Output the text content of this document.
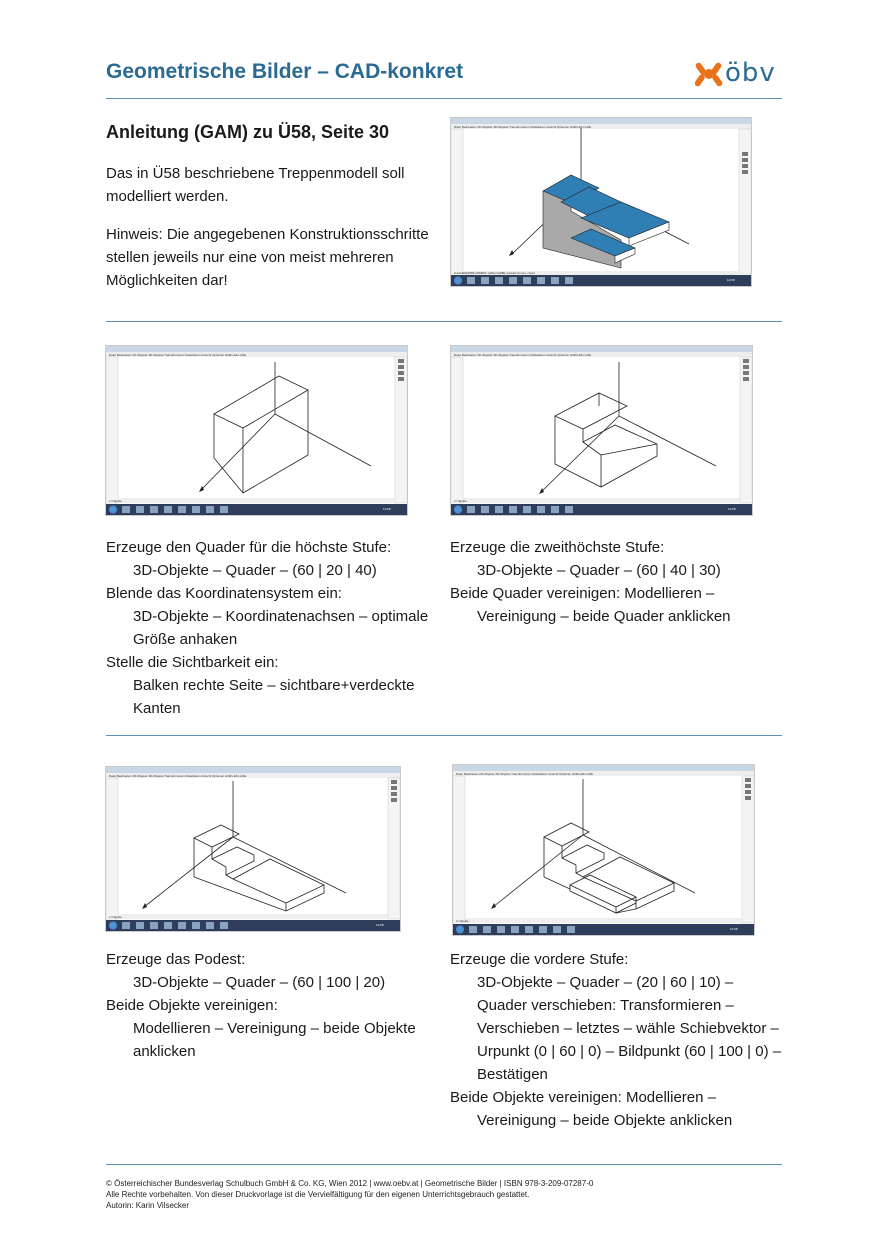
Geometrische Bilder – CAD-konkret	öbv
Anleitung (GAM) zu Ü58, Seite 30
Das in Ü58 beschriebene Treppenmodell soll modelliert werden.
Hinweis: Die angegebenen Konstruktionsschritte stellen jeweils nur eine von meist mehreren Möglichkeiten dar!
Datei Bearbeiten 2D-Objekte 3D-Objekte Transformieren Modellieren Ansicht Optionen HNRx-Ebn Hilfe
FLÄCHENFARBE ÄNDERN: wählen FARBE: Auswahl mit neu + Spezi
12:08
Datei Bearbeiten 2D-Objekte 3D-Objekte Transformieren Modellieren Ansicht Optionen HNRx-Ebn Hilfe
2 Objekte
12:08
Datei Bearbeiten 2D-Objekte 3D-Objekte Transformieren Modellieren Ansicht Optionen HNRx-Ebn Hilfe
2 Objekte
12:08
Erzeuge den Quader für die höchste Stufe:
3D-Objekte – Quader – (60 | 20 | 40)
Blende das Koordinatensystem ein:
3D-Objekte – Koordinatenachsen – optimale Größe anhaken
Stelle die Sichtbarkeit ein:
Balken rechte Seite – sichtbare+verdeckte Kanten
Erzeuge die zweithöchste Stufe:
3D-Objekte – Quader – (60 | 40 | 30)
Beide Quader vereinigen: Modellieren –
Vereinigung – beide Quader anklicken
Datei Bearbeiten 2D-Objekte 3D-Objekte Transformieren Modellieren Ansicht Optionen HNRx-Ebn Hilfe
2 Objekte
12:08
Datei Bearbeiten 2D-Objekte 3D-Objekte Transformieren Modellieren Ansicht Optionen HNRx-Ebn Hilfe
2 Objekte
12:08
Erzeuge das Podest:
3D-Objekte – Quader – (60 | 100 | 20)
Beide Objekte vereinigen:
Modellieren – Vereinigung – beide Objekte anklicken
Erzeuge die vordere Stufe:
3D-Objekte – Quader – (20 | 60 | 10) – Quader verschieben: Transformieren – Verschieben – letztes – wähle Schiebvektor – Urpunkt (0 | 60 | 0) – Bildpunkt (60 | 100 | 0) – Bestätigen
Beide Objekte vereinigen: Modellieren –
Vereinigung – beide Objekte anklicken
© Österreichischer Bundesverlag Schulbuch GmbH & Co. KG, Wien 2012 | www.oebv.at | Geometrische Bilder | ISBN 978-3-209-07287-0
Alle Rechte vorbehalten. Von dieser Druckvorlage ist die Vervielfältigung für den eigenen Unterrichtsgebrauch gestattet.
Autorin: Karin Vilsecker
